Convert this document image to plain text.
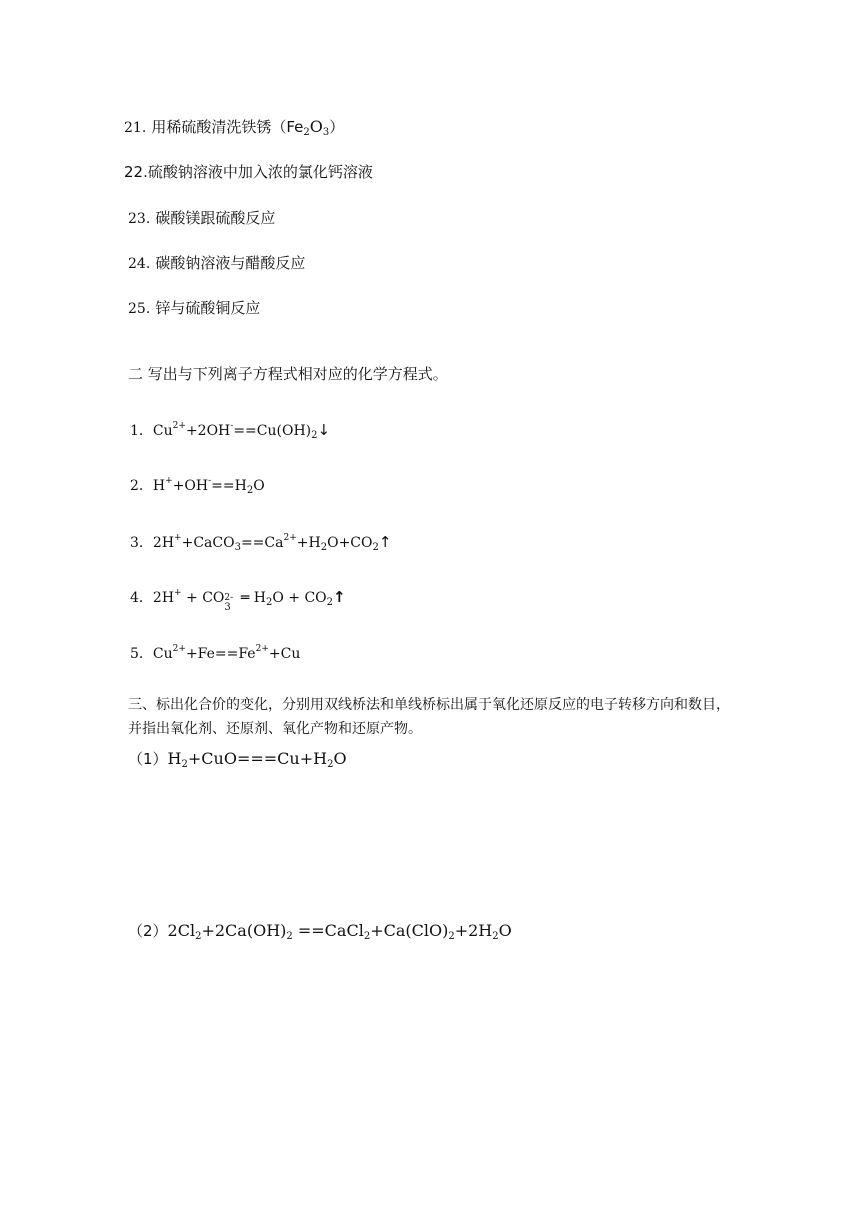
21. 用稀硫酸清洗铁锈$(Fe_2O_3)$
22.硫酸钠溶液中加入浓的氯化钙溶液
23. 碳酸镁跟硫酸反应
24. 碳酸钠溶液与醋酸反应
25. 锌与硫酸铜反应
二 写出与下列离子方程式相对应的化学方程式。
1．$Cu^{2+}+2OH^-==Cu(OH)_2↓$
2．$H^++OH^-==H_2O$
3．$2H^++CaCO_3==Ca^{2+}+H_2O+CO_2↑$
4．2H+ + CO 2-
3
═ $H_2O$ + $CO_2↑$
5．$Cu^{2+}+Fe==Fe^{2+}+Cu$
三、标出化合价的变化，分别用双线桥法和单线桥标出属于氧化还原反应的电子转移方向和数目，并指出氧化剂、还原剂、氧化产物和还原产物。
$(1)H_2+CuO===Cu+H_2O$
$(2)2Cl_2+2Ca(OH)_2$ $==CaCl_2+Ca(ClO)_2+2H_2O$
